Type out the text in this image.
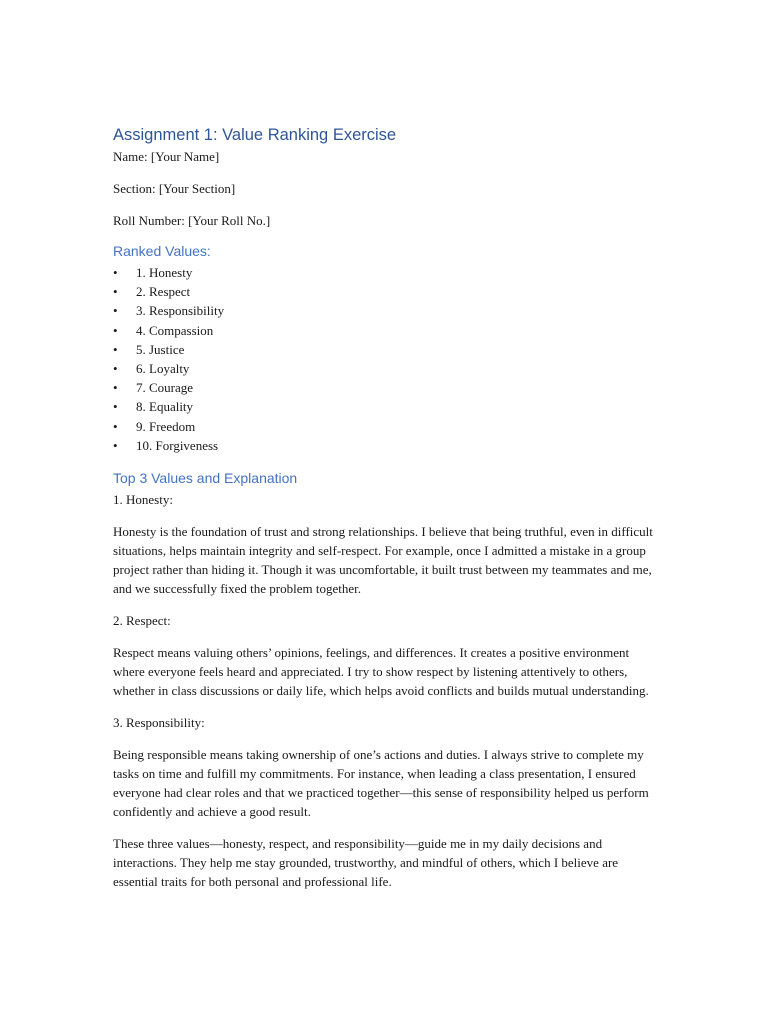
Assignment 1: Value Ranking Exercise

Name: [Your Name]

Section: [Your Section]

Roll Number: [Your Roll No.]

Ranked Values:
• 1. Honesty
• 2. Respect
• 3. Responsibility
• 4. Compassion
• 5. Justice
• 6. Loyalty
• 7. Courage
• 8. Equality
• 9. Freedom
• 10. Forgiveness
Top 3 Values and Explanation

1. Honesty:

Honesty is the foundation of trust and strong relationships. I believe that being truthful, even in difficult situations, helps maintain integrity and self-respect. For example, once I admitted a mistake in a group project rather than hiding it. Though it was uncomfortable, it built trust between my teammates and me, and we successfully fixed the problem together.

2. Respect:

Respect means valuing others’ opinions, feelings, and differences. It creates a positive environment where everyone feels heard and appreciated. I try to show respect by listening attentively to others, whether in class discussions or daily life, which helps avoid conflicts and builds mutual understanding.

3. Responsibility:

Being responsible means taking ownership of one’s actions and duties. I always strive to complete my tasks on time and fulfill my commitments. For instance, when leading a class presentation, I ensured everyone had clear roles and that we practiced together—this sense of responsibility helped us perform confidently and achieve a good result.

These three values—honesty, respect, and responsibility—guide me in my daily decisions and interactions. They help me stay grounded, trustworthy, and mindful of others, which I believe are essential traits for both personal and professional life.
